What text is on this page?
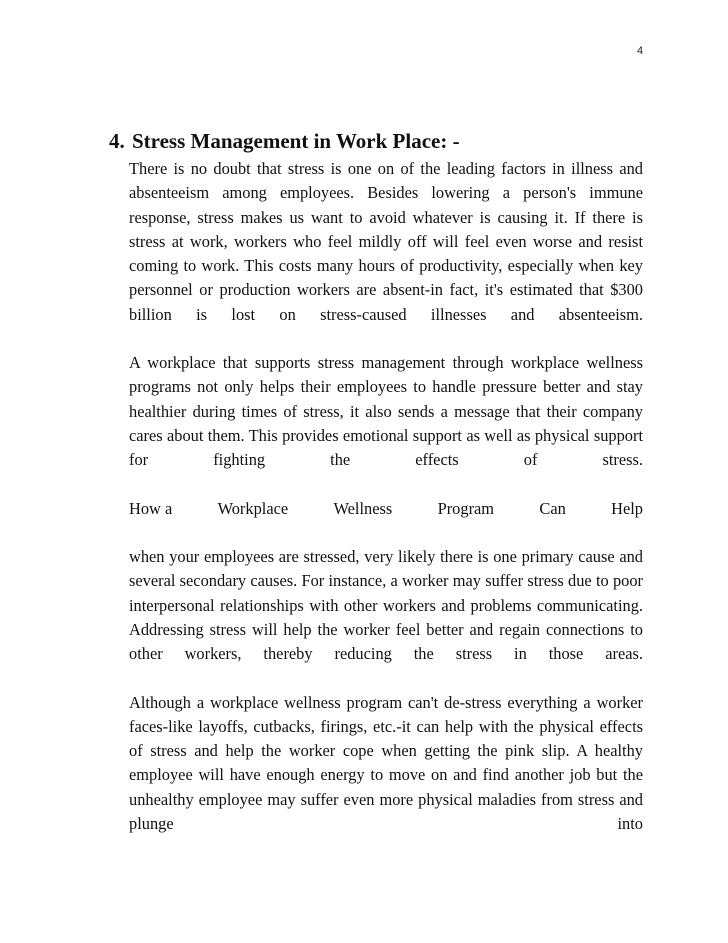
4
4. Stress Management in Work Place: -

There is no doubt that stress is one on of the leading factors in illness and absenteeism among employees. Besides lowering a person's immune response, stress makes us want to avoid whatever is causing it. If there is stress at work, workers who feel mildly off will feel even worse and resist coming to work. This costs many hours of productivity, especially when key personnel or production workers are absent-in fact, it's estimated that $300 billion is lost on stress-caused illnesses and absenteeism.

A workplace that supports stress management through workplace wellness programs not only helps their employees to handle pressure better and stay healthier during times of stress, it also sends a message that their company cares about them. This provides emotional support as well as physical support for fighting the effects of stress.

How a	Workplace	Wellness	Program	Can	Help

when your employees are stressed, very likely there is one primary cause and several secondary causes. For instance, a worker may suffer stress due to poor interpersonal relationships with other workers and problems communicating. Addressing stress will help the worker feel better and regain connections to other workers, thereby reducing the stress in those areas.

Although a workplace wellness program can't de-stress everything a worker faces-like layoffs, cutbacks, firings, etc.-it can help with the physical effects of stress and help the worker cope when getting the pink slip. A healthy employee will have enough energy to move on and find another job but the unhealthy employee may suffer even more physical maladies from stress and plunge into
